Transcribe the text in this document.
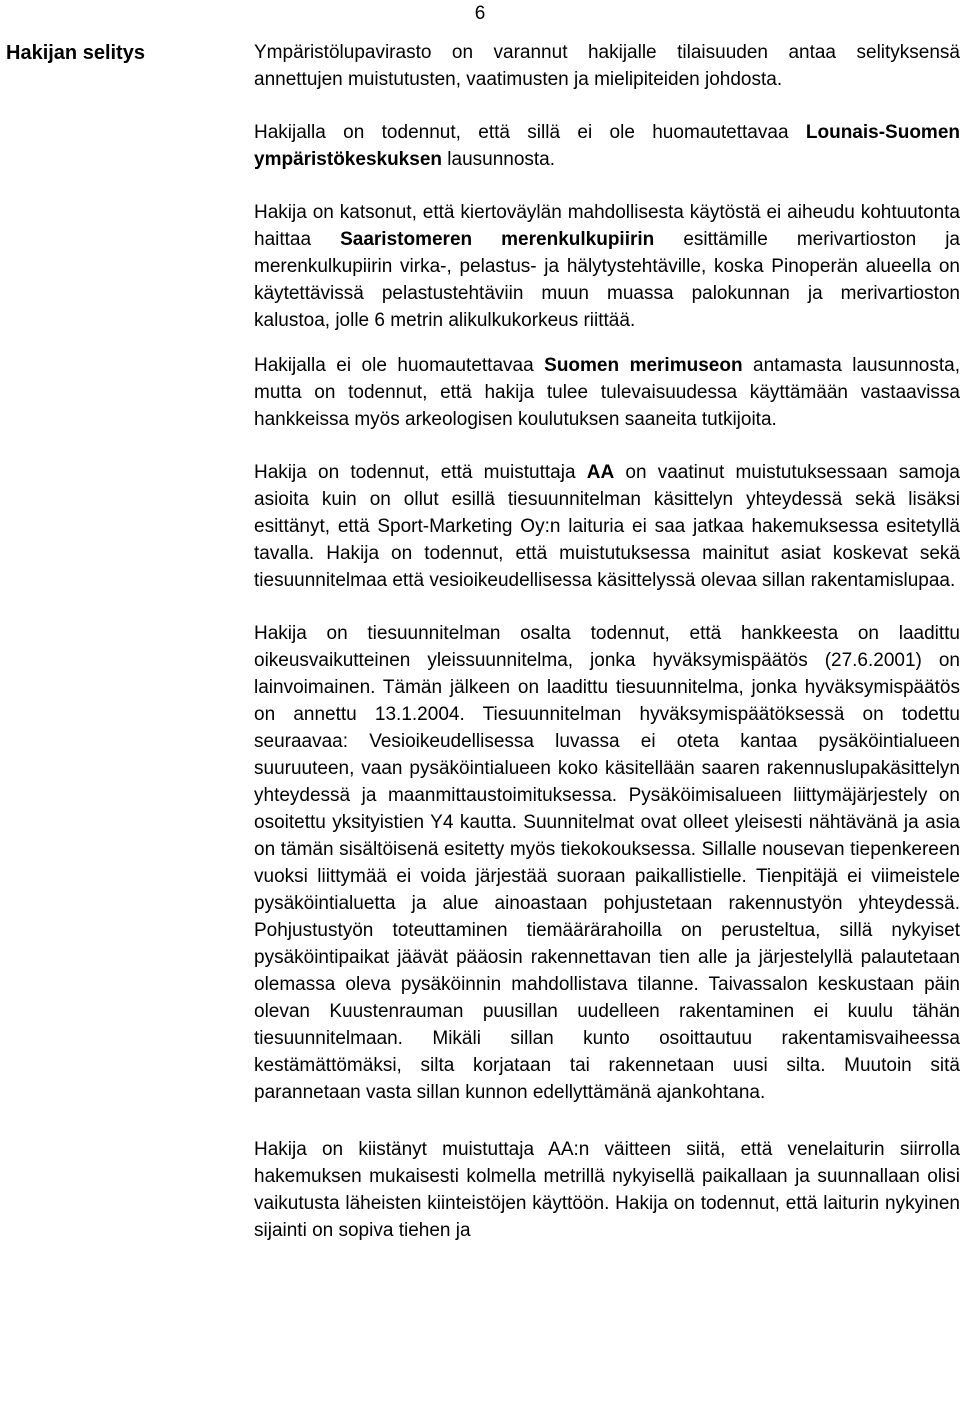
6
Hakijan selitys	Ympäristölupavirasto on varannut hakijalle tilaisuuden antaa selityksensä annettujen muistutusten, vaatimusten ja mielipiteiden johdosta.

Hakijalla on todennut, että sillä ei ole huomautettavaa Lounais-Suomen ympäristökeskuksen lausunnosta.

Hakija on katsonut, että kiertoväylän mahdollisesta käytöstä ei aiheudu kohtuutonta haittaa Saaristomeren merenkulkupiirin esittämille merivartioston ja merenkulkupiirin virka-, pelastus- ja hälytystehtäville, koska Pinoperän alueella on käytettävissä pelastustehtäviin muun muassa palokunnan ja merivartioston kalustoa, jolle 6 metrin alikulkukorkeus riittää.

Hakijalla ei ole huomautettavaa Suomen merimuseon antamasta lausunnosta, mutta on todennut, että hakija tulee tulevaisuudessa käyttämään vastaavissa hankkeissa myös arkeologisen koulutuksen saaneita tutkijoita.

Hakija on todennut, että muistuttaja AA on vaatinut muistutuksessaan samoja asioita kuin on ollut esillä tiesuunnitelman käsittelyn yhteydessä sekä lisäksi esittänyt, että Sport-Marketing Oy:n laituria ei saa jatkaa hakemuksessa esitetyllä tavalla. Hakija on todennut, että muistutuksessa mainitut asiat koskevat sekä tiesuunnitelmaa että vesioikeudellisessa käsittelyssä olevaa sillan rakentamislupaa.

Hakija on tiesuunnitelman osalta todennut, että hankkeesta on laadittu oikeusvaikutteinen yleissuunnitelma, jonka hyväksymispäätös (27.6.2001) on lainvoimainen. Tämän jälkeen on laadittu tiesuunnitelma, jonka hyväksymispäätös on annettu 13.1.2004. Tiesuunnitelman hyväksymispäätöksessä on todettu seuraavaa: Vesioikeudellisessa luvassa ei oteta kantaa pysäköintialueen suuruuteen, vaan pysäköintialueen koko käsitellään saaren rakennuslupakäsittelyn yhteydessä ja maanmittaustoimituksessa. Pysäköimisalueen liittymäjärjestely on osoitettu yksityistien Y4 kautta. Suunnitelmat ovat olleet yleisesti nähtävänä ja asia on tämän sisältöisenä esitetty myös tiekokouksessa. Sillalle nousevan tiepenkereen vuoksi liittymää ei voida järjestää suoraan paikallistielle. Tienpitäjä ei viimeistele pysäköintialuetta ja alue ainoastaan pohjustetaan rakennustyön yhteydessä. Pohjustustyön toteuttaminen tiemäärärahoilla on perusteltua, sillä nykyiset pysäköintipaikat jäävät pääosin rakennettavan tien alle ja järjestelyllä palautetaan olemassa oleva pysäköinnin mahdollistava tilanne. Taivassalon keskustaan päin olevan Kuustenrauman puusillan uudelleen rakentaminen ei kuulu tähän tiesuunnitelmaan. Mikäli sillan kunto osoittautuu rakentamisvaiheessa kestämättömäksi, silta korjataan tai rakennetaan uusi silta. Muutoin sitä parannetaan vasta sillan kunnon edellyttämänä ajankohtana.

Hakija on kiistänyt muistuttaja AA:n väitteen siitä, että venelaiturin siirrolla hakemuksen mukaisesti kolmella metrillä nykyisellä paikallaan ja suunnallaan olisi vaikutusta läheisten kiinteistöjen käyttöön. Hakija on todennut, että laiturin nykyinen sijainti on sopiva tiehen ja
